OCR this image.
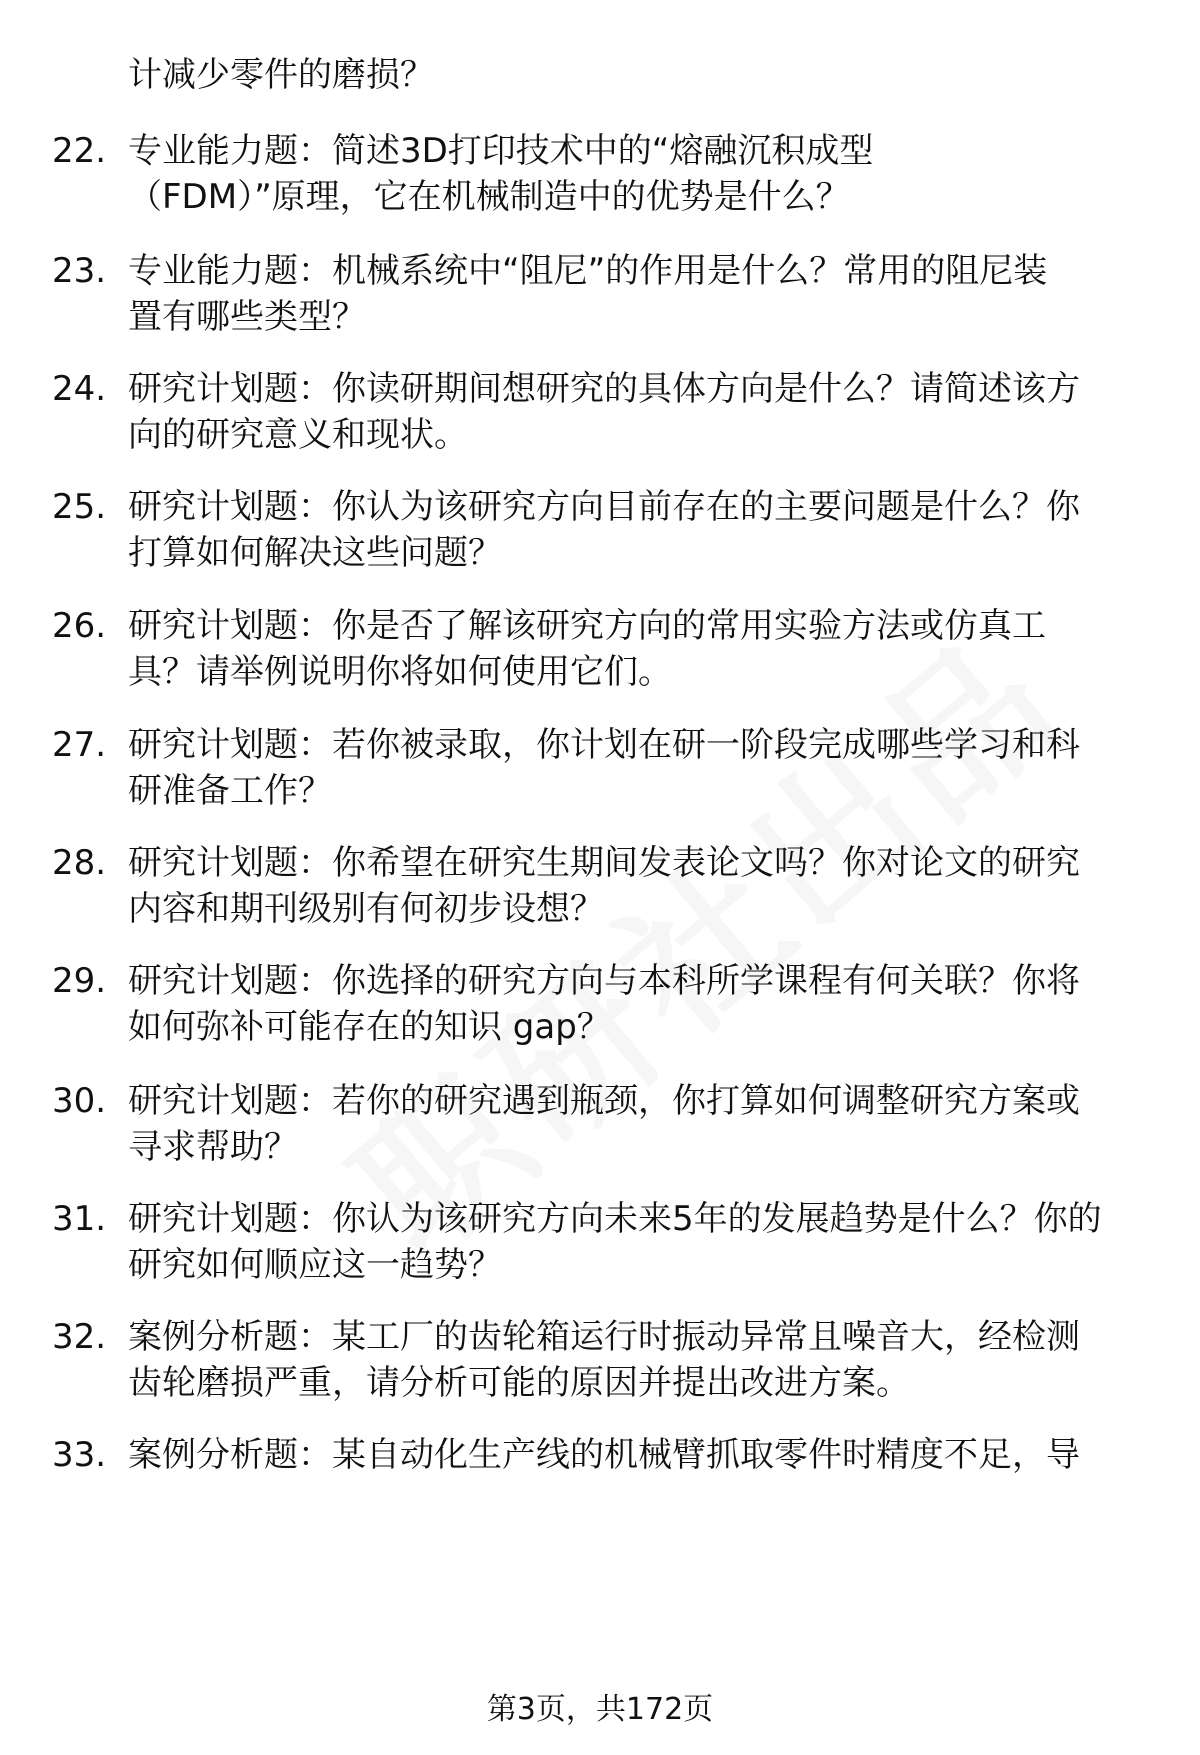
计减少零件的磨损？
22. 专业能力题：简述3D打印技术中的“熔融沉积成型
（FDM）”原理，它在机械制造中的优势是什么？
23. 专业能力题：机械系统中“阻尼”的作用是什么？常用的阻尼装
置有哪些类型？
24. 研究计划题：你读研期间想研究的具体方向是什么？请简述该方
向的研究意义和现状。
25. 研究计划题：你认为该研究方向目前存在的主要问题是什么？你
打算如何解决这些问题？
26. 研究计划题：你是否了解该研究方向的常用实验方法或仿真工
具？请举例说明你将如何使用它们。
27. 研究计划题：若你被录取，你计划在研一阶段完成哪些学习和科
研准备工作？
28. 研究计划题：你希望在研究生期间发表论文吗？你对论文的研究
内容和期刊级别有何初步设想？
29. 研究计划题：你选择的研究方向与本科所学课程有何关联？你将
如何弥补可能存在的知识 gap？
30. 研究计划题：若你的研究遇到瓶颈，你打算如何调整研究方案或
寻求帮助？
31. 研究计划题：你认为该研究方向未来5年的发展趋势是什么？你的
研究如何顺应这一趋势？
32. 案例分析题：某工厂的齿轮箱运行时振动异常且噪音大，经检测
齿轮磨损严重，请分析可能的原因并提出改进方案。
33. 案例分析题：某自动化生产线的机械臂抓取零件时精度不足，导
第3页，共172页
